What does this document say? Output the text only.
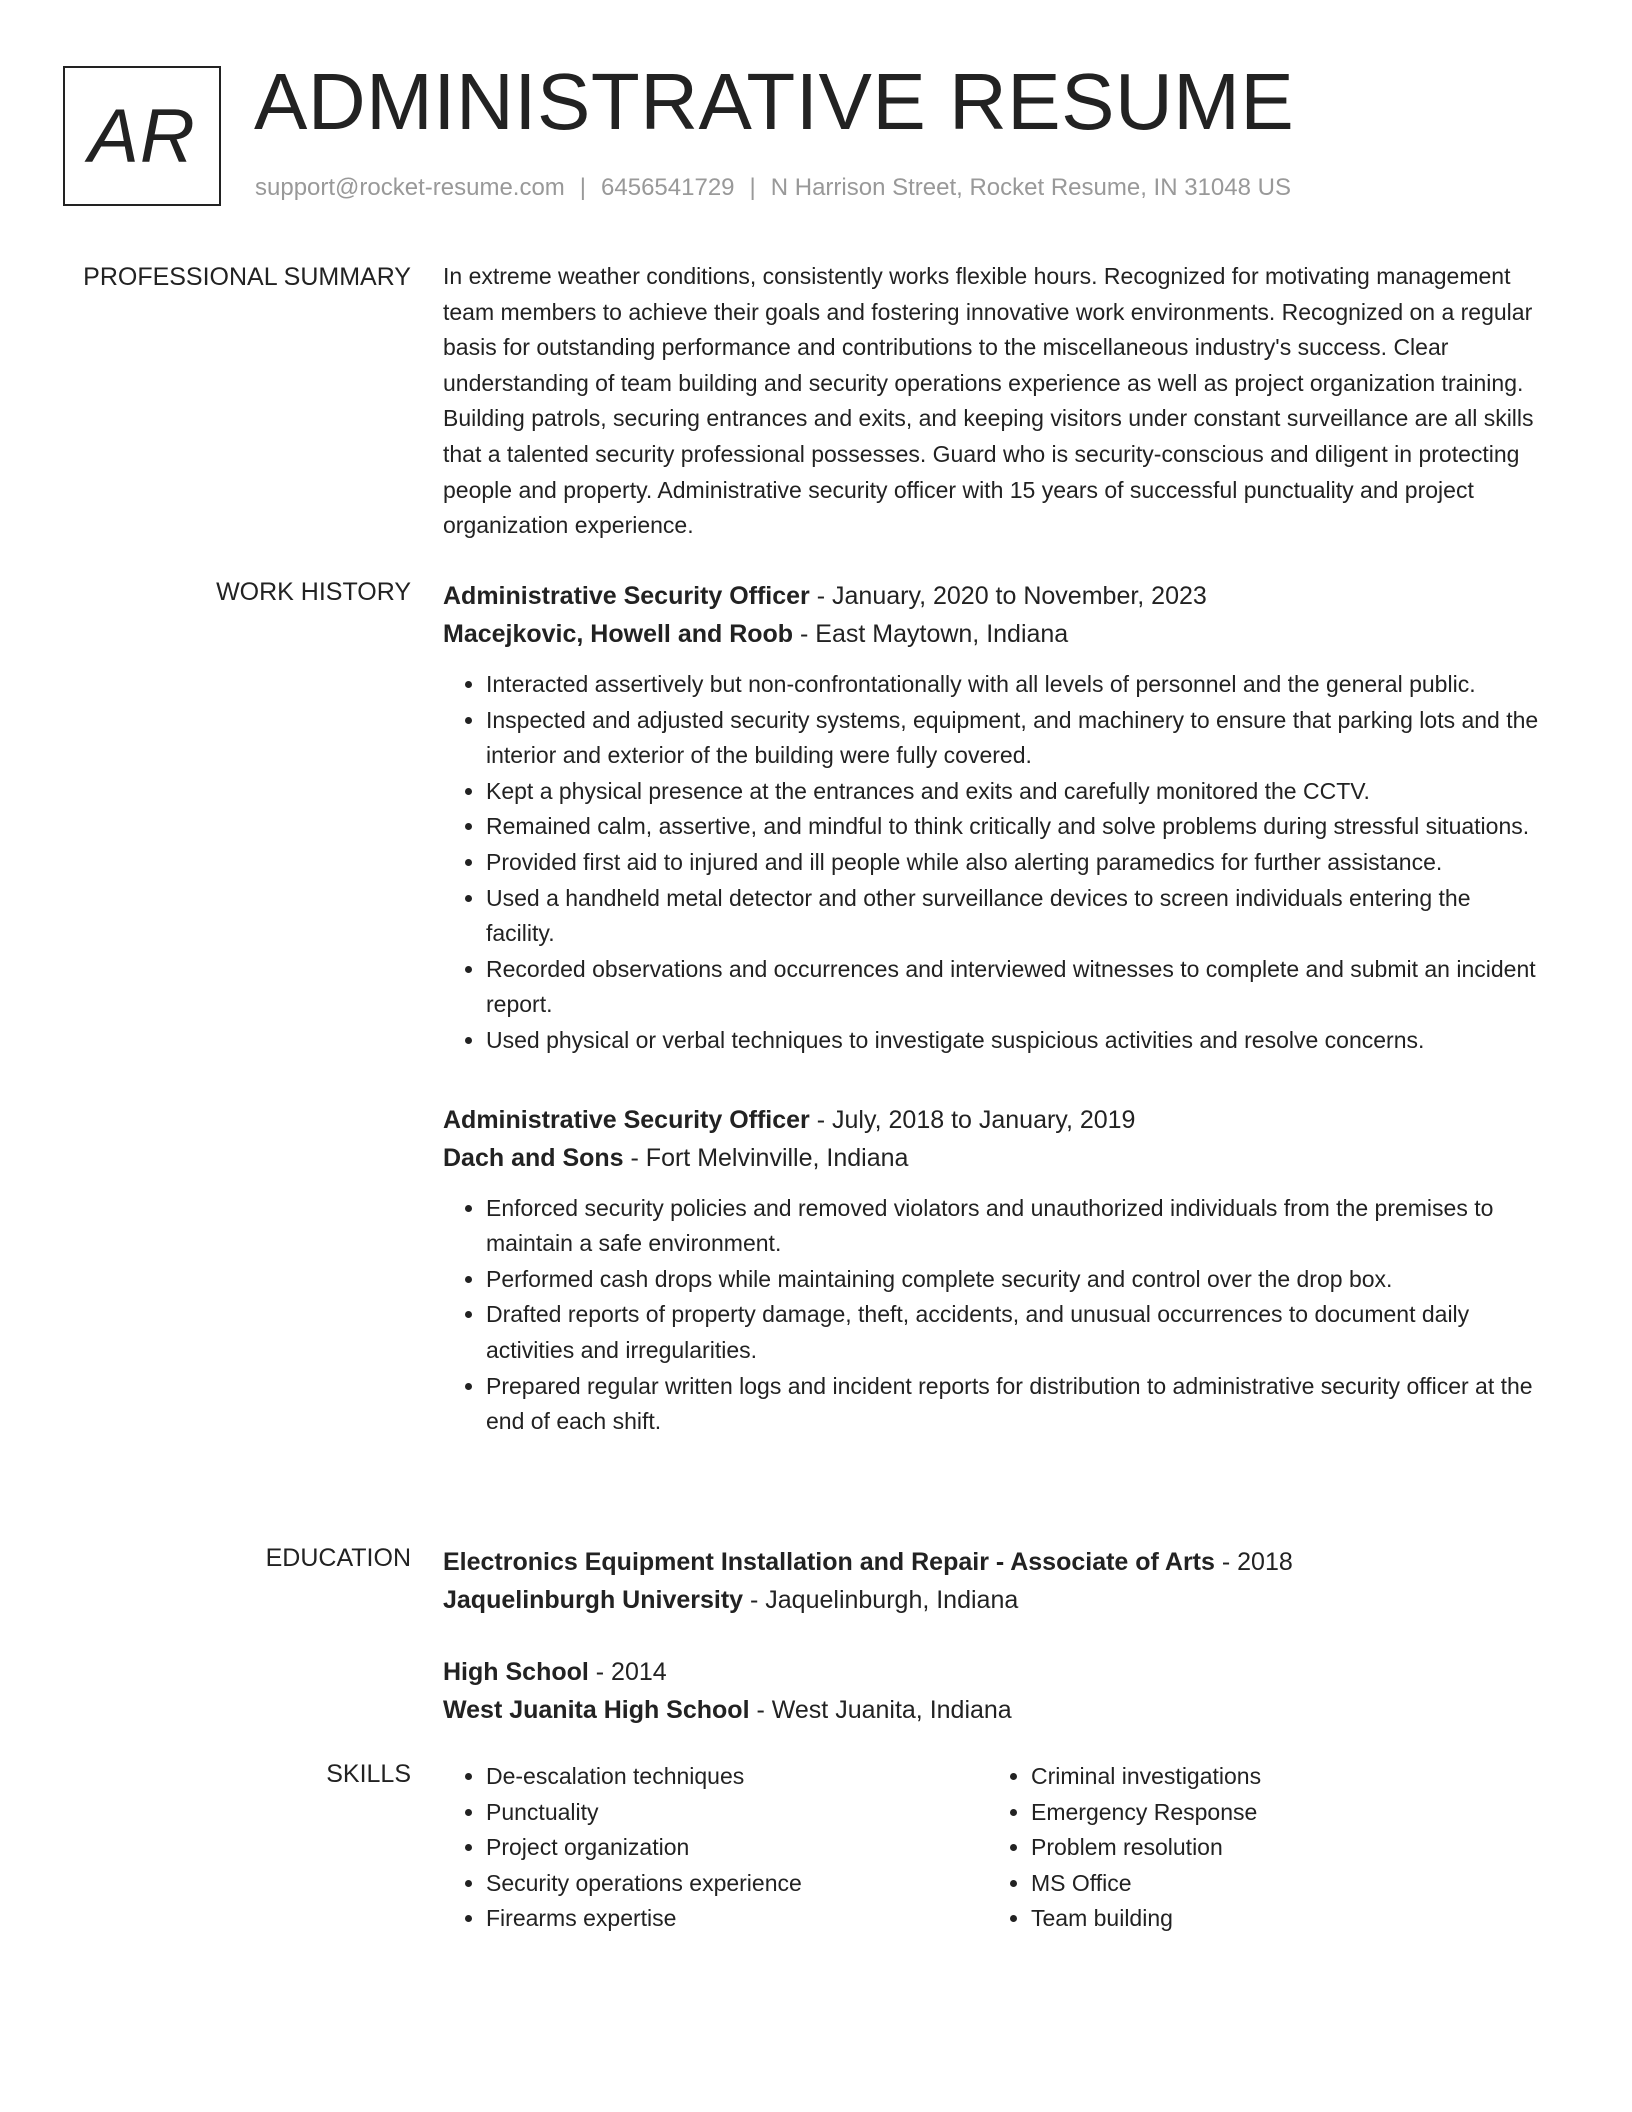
AR ADMINISTRATIVE RESUME
support@rocket-resume.com | 6456541729 | N Harrison Street, Rocket Resume, IN 31048 US
PROFESSIONAL SUMMARY In extreme weather conditions, consistently works flexible hours. Recognized for motivating management team members to achieve their goals and fostering innovative work environments. Recognized on a regular basis for outstanding performance and contributions to the miscellaneous industry's success. Clear understanding of team building and security operations experience as well as project organization training. Building patrols, securing entrances and exits, and keeping visitors under constant surveillance are all skills that a talented security professional possesses. Guard who is security-conscious and diligent in protecting people and property. Administrative security officer with 15 years of successful punctuality and project organization experience.

WORK HISTORY Administrative Security Officer - January, 2020 to November, 2023
Macejkovic, Howell and Roob - East Maytown, Indiana
• Interacted assertively but non-confrontationally with all levels of personnel and the general public.
• Inspected and adjusted security systems, equipment, and machinery to ensure that parking lots and the interior and exterior of the building were fully covered.
• Kept a physical presence at the entrances and exits and carefully monitored the CCTV.
• Remained calm, assertive, and mindful to think critically and solve problems during stressful situations.
• Provided first aid to injured and ill people while also alerting paramedics for further assistance.
• Used a handheld metal detector and other surveillance devices to screen individuals entering the facility.
• Recorded observations and occurrences and interviewed witnesses to complete and submit an incident report.
• Used physical or verbal techniques to investigate suspicious activities and resolve concerns.
Administrative Security Officer - July, 2018 to January, 2019
Dach and Sons - Fort Melvinville, Indiana
• Enforced security policies and removed violators and unauthorized individuals from the premises to maintain a safe environment.
• Performed cash drops while maintaining complete security and control over the drop box.
• Drafted reports of property damage, theft, accidents, and unusual occurrences to document daily activities and irregularities.
• Prepared regular written logs and incident reports for distribution to administrative security officer at the end of each shift.
EDUCATION Electronics Equipment Installation and Repair - Associate of Arts - 2018
Jaquelinburgh University - Jaquelinburgh, Indiana
High School - 2014
West Juanita High School - West Juanita, Indiana
SKILLS
•	De-escalation techniques
• Punctuality
• Project organization
• Security operations experience
• Firearms expertise
• Criminal investigations
• Emergency Response
• Problem resolution
• MS Office
• Team building
